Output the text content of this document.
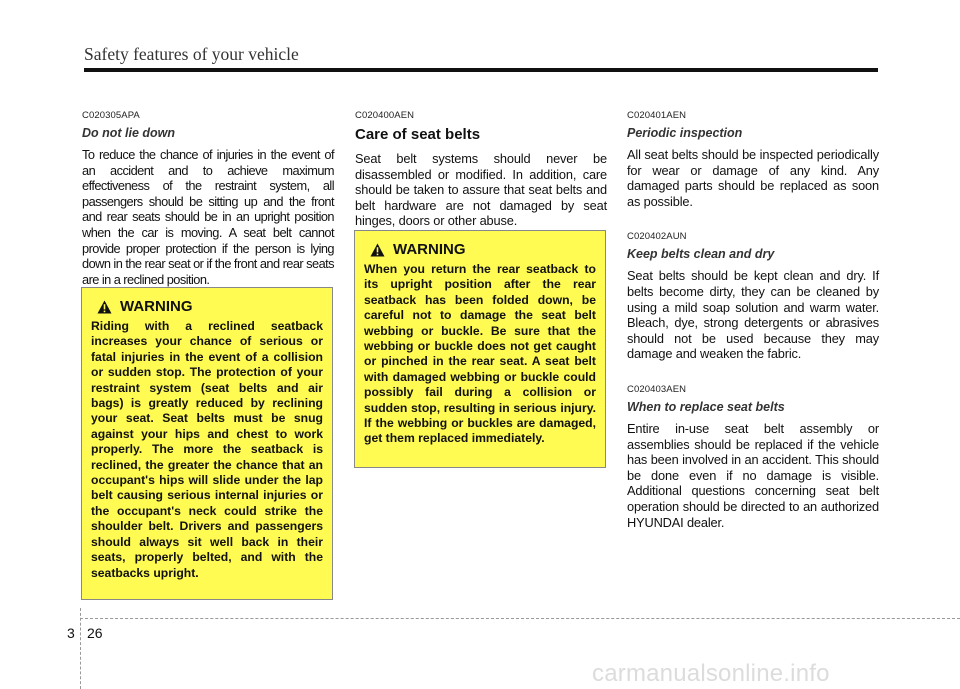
Safety features of your vehicle
C020305APA
Do not lie down

To reduce the chance of injuries in the event of an accident and to achieve maximum effectiveness of the restraint system, all passengers should be sitting up and the front and rear seats should be in an upright position when the car is moving. A seat belt cannot provide proper protection if the person is lying down in the rear seat or if the front and rear seats are in a reclined position.

WARNING

Riding with a reclined seatback increases your chance of serious or fatal injuries in the event of a collision or sudden stop. The protection of your restraint system (seat belts and air bags) is greatly reduced by reclining your seat. Seat belts must be snug against your hips and chest to work properly. The more the seatback is reclined, the greater the chance that an occupant's hips will slide under the lap belt causing serious internal injuries or the occupant's neck could strike the shoulder belt. Drivers and passengers should always sit well back in their seats, properly belted, and with the seatbacks upright.

C020400AEN
Care of seat belts

Seat belt systems should never be disassembled or modified. In addition, care should be taken to assure that seat belts and belt hardware are not damaged by seat hinges, doors or other abuse.

WARNING

When you return the rear seatback to its upright position after the rear seatback has been folded down, be careful not to damage the seat belt webbing or buckle. Be sure that the webbing or buckle does not get caught or pinched in the rear seat. A seat belt with damaged webbing or buckle could possibly fail during a collision or sudden stop, resulting in serious injury. If the webbing or buckles are damaged, get them replaced immediately.

C020401AEN
Periodic inspection

All seat belts should be inspected periodically for wear or damage of any kind. Any damaged parts should be replaced as soon as possible.

C020402AUN
Keep belts clean and dry

Seat belts should be kept clean and dry. If belts become dirty, they can be cleaned by using a mild soap solution and warm water. Bleach, dye, strong detergents or abrasives should not be used because they may damage and weaken the fabric.

C020403AEN
When to replace seat belts

Entire in-use seat belt assembly or assemblies should be replaced if the vehicle has been involved in an accident. This should be done even if no damage is visible. Additional questions concerning seat belt operation should be directed to an authorized HYUNDAI dealer.

3 26
carmanualsonline.info
